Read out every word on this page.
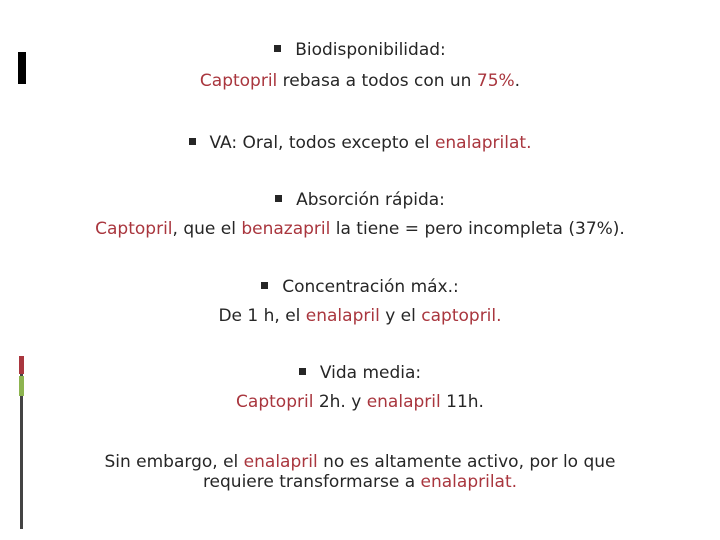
Biodisponibilidad:
Captopril rebasa a todos con un 75%.
VA: Oral, todos excepto el enalaprilat.
Absorción rápida:
Captopril, que el benazapril la tiene = pero incompleta (37%).
Concentración máx.:
De 1 h, el enalapril y el captopril.
Vida media:
Captopril 2h. y enalapril 11h.
Sin embargo, el enalapril no es altamente activo, por lo que
requiere transformarse a enalaprilat.
